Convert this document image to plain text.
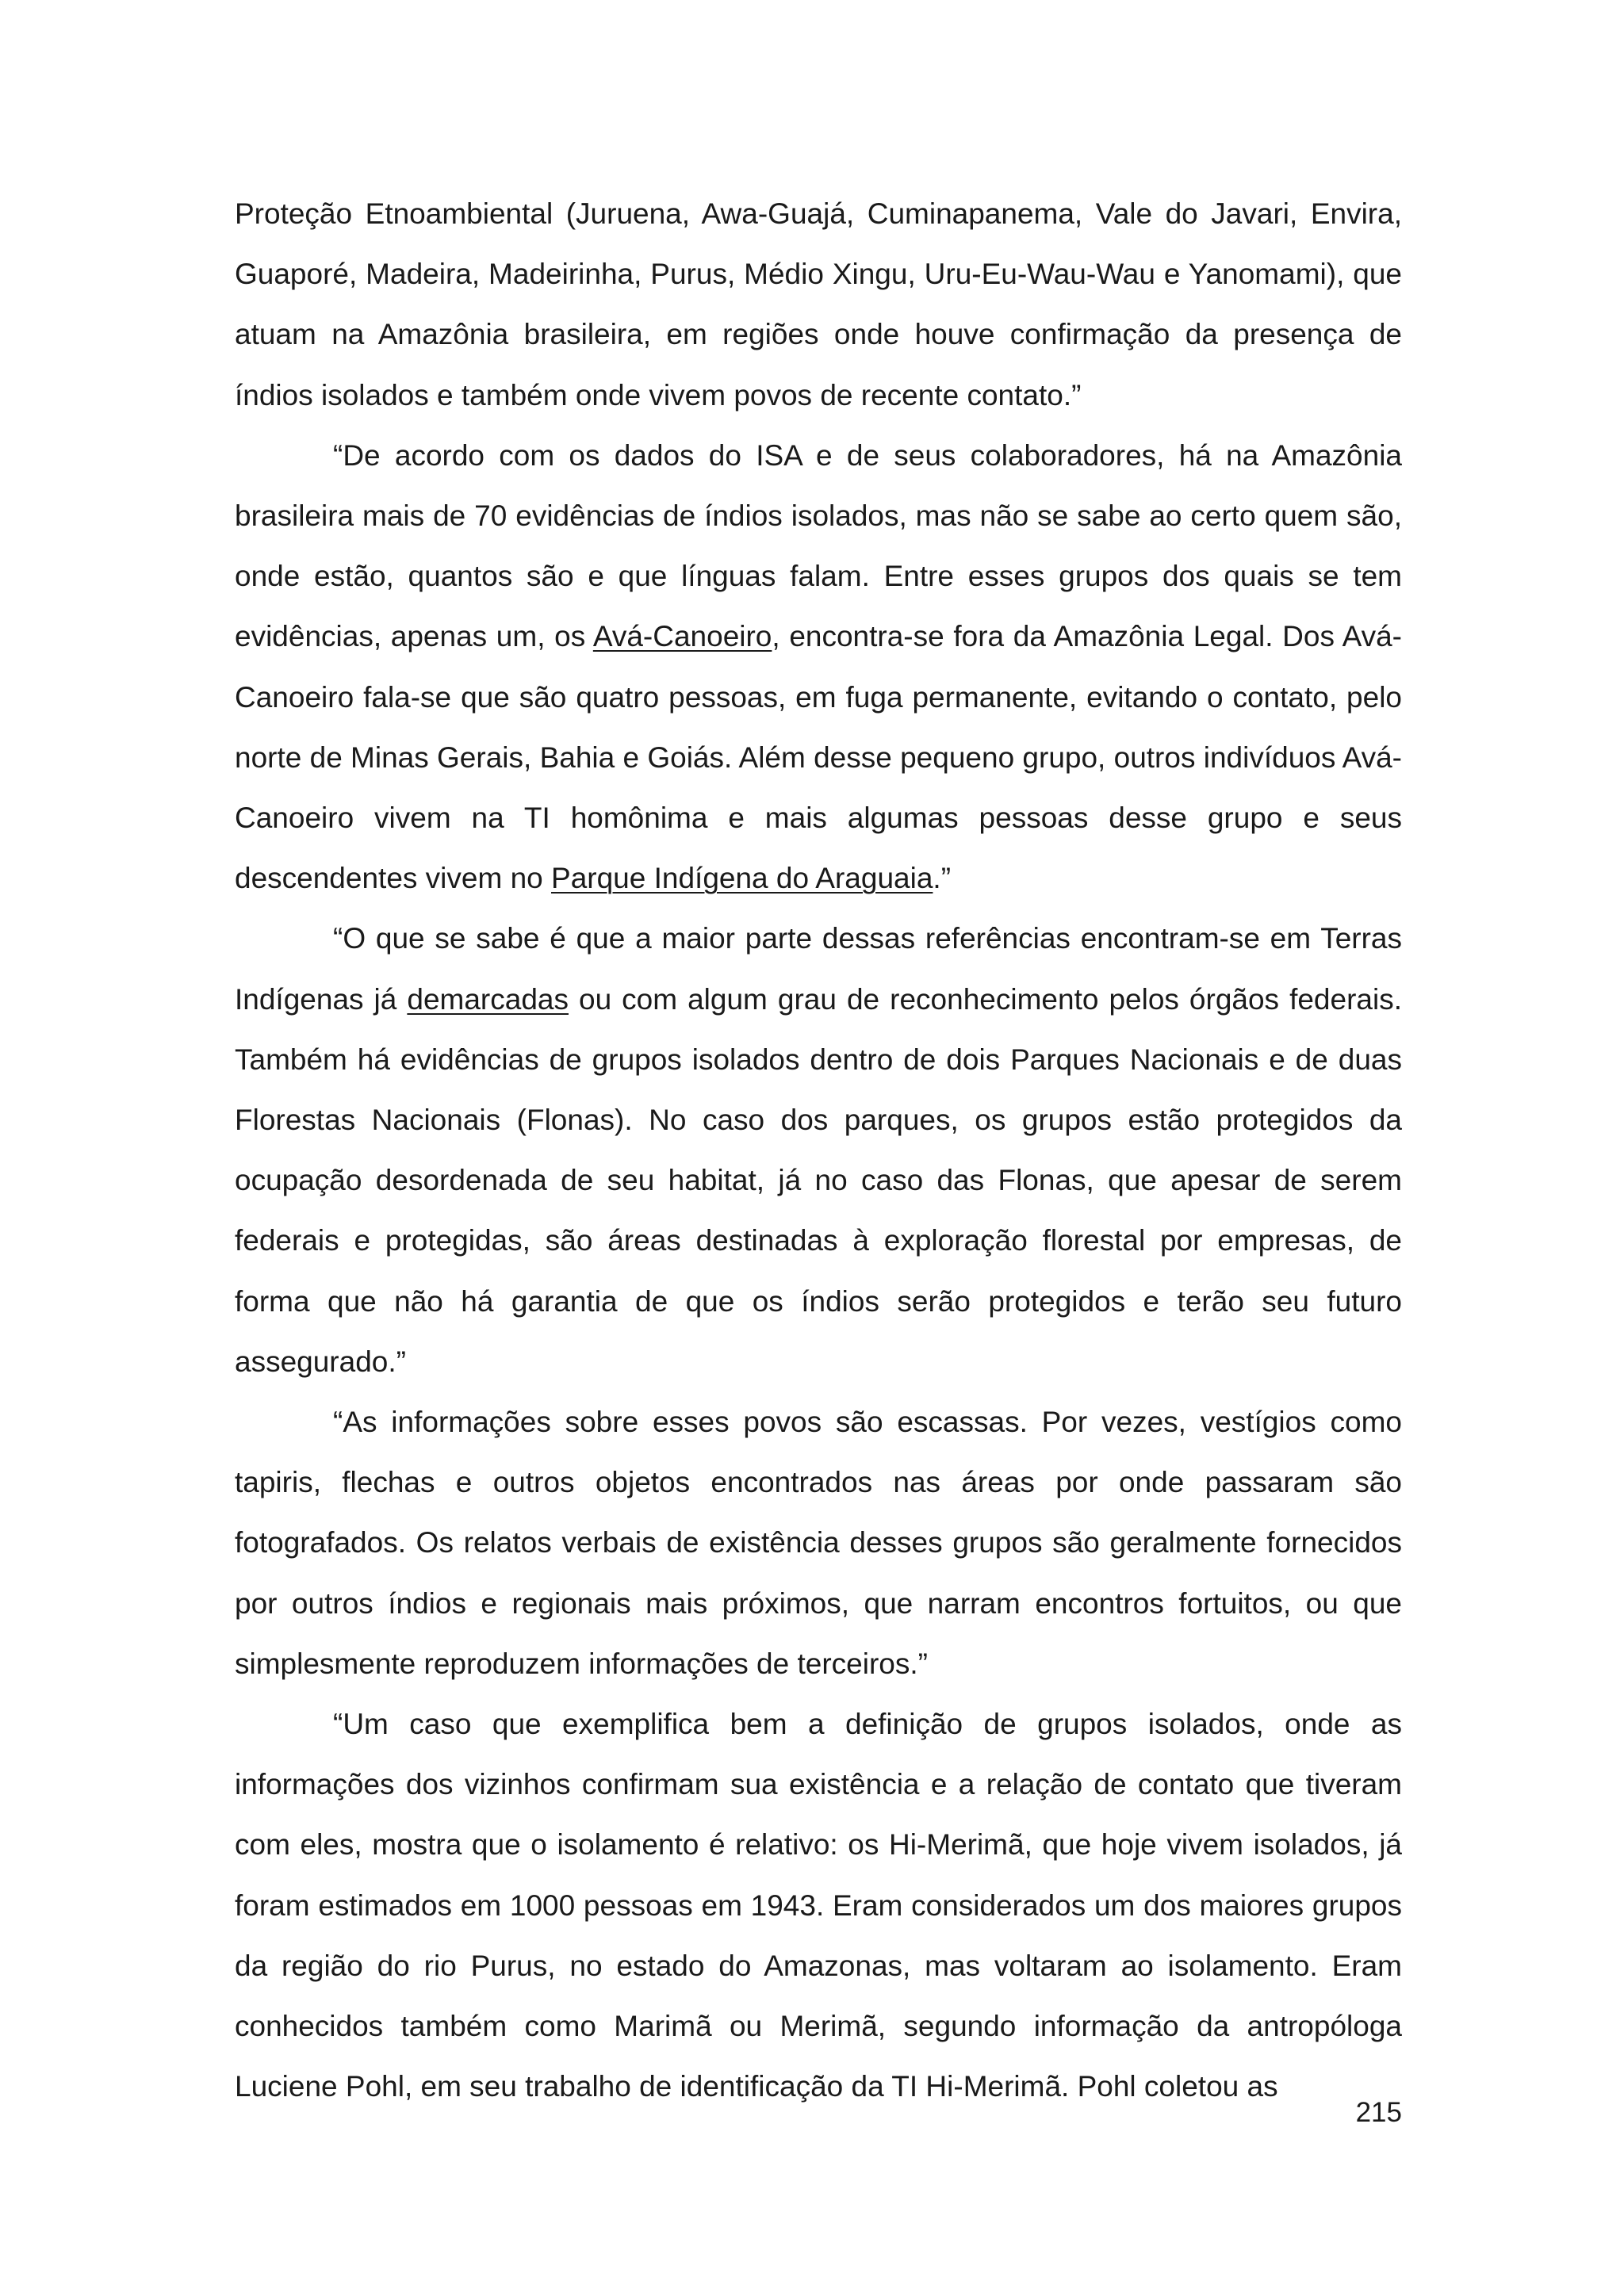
Proteção Etnoambiental (Juruena, Awa-Guajá, Cuminapanema, Vale do Javari, Envira, Guaporé, Madeira, Madeirinha, Purus, Médio Xingu, Uru-Eu-Wau-Wau e Yanomami), que atuam na Amazônia brasileira, em regiões onde houve confirmação da presença de índios isolados e também onde vivem povos de recente contato.”

“De acordo com os dados do ISA e de seus colaboradores, há na Amazônia brasileira mais de 70 evidências de índios isolados, mas não se sabe ao certo quem são, onde estão, quantos são e que línguas falam. Entre esses grupos dos quais se tem evidências, apenas um, os Avá-Canoeiro, encontra-se fora da Amazônia Legal. Dos Avá-Canoeiro fala-se que são quatro pessoas, em fuga permanente, evitando o contato, pelo norte de Minas Gerais, Bahia e Goiás. Além desse pequeno grupo, outros indivíduos Avá-Canoeiro vivem na TI homônima e mais algumas pessoas desse grupo e seus descendentes vivem no Parque Indígena do Araguaia.”

“O que se sabe é que a maior parte dessas referências encontram-se em Terras Indígenas já demarcadas ou com algum grau de reconhecimento pelos órgãos federais. Também há evidências de grupos isolados dentro de dois Parques Nacionais e de duas Florestas Nacionais (Flonas). No caso dos parques, os grupos estão protegidos da ocupação desordenada de seu habitat, já no caso das Flonas, que apesar de serem federais e protegidas, são áreas destinadas à exploração florestal por empresas, de forma que não há garantia de que os índios serão protegidos e terão seu futuro assegurado.”

“As informações sobre esses povos são escassas. Por vezes, vestígios como tapiris, flechas e outros objetos encontrados nas áreas por onde passaram são fotografados. Os relatos verbais de existência desses grupos são geralmente fornecidos por outros índios e regionais mais próximos, que narram encontros fortuitos, ou que simplesmente reproduzem informações de terceiros.”

“Um caso que exemplifica bem a definição de grupos isolados, onde as informações dos vizinhos confirmam sua existência e a relação de contato que tiveram com eles, mostra que o isolamento é relativo: os Hi-Merimã, que hoje vivem isolados, já foram estimados em 1000 pessoas em 1943. Eram considerados um dos maiores grupos da região do rio Purus, no estado do Amazonas, mas voltaram ao isolamento. Eram conhecidos também como Marimã ou Merimã, segundo informação da antropóloga Luciene Pohl, em seu trabalho de identificação da TI Hi-Merimã. Pohl coletou as

215
